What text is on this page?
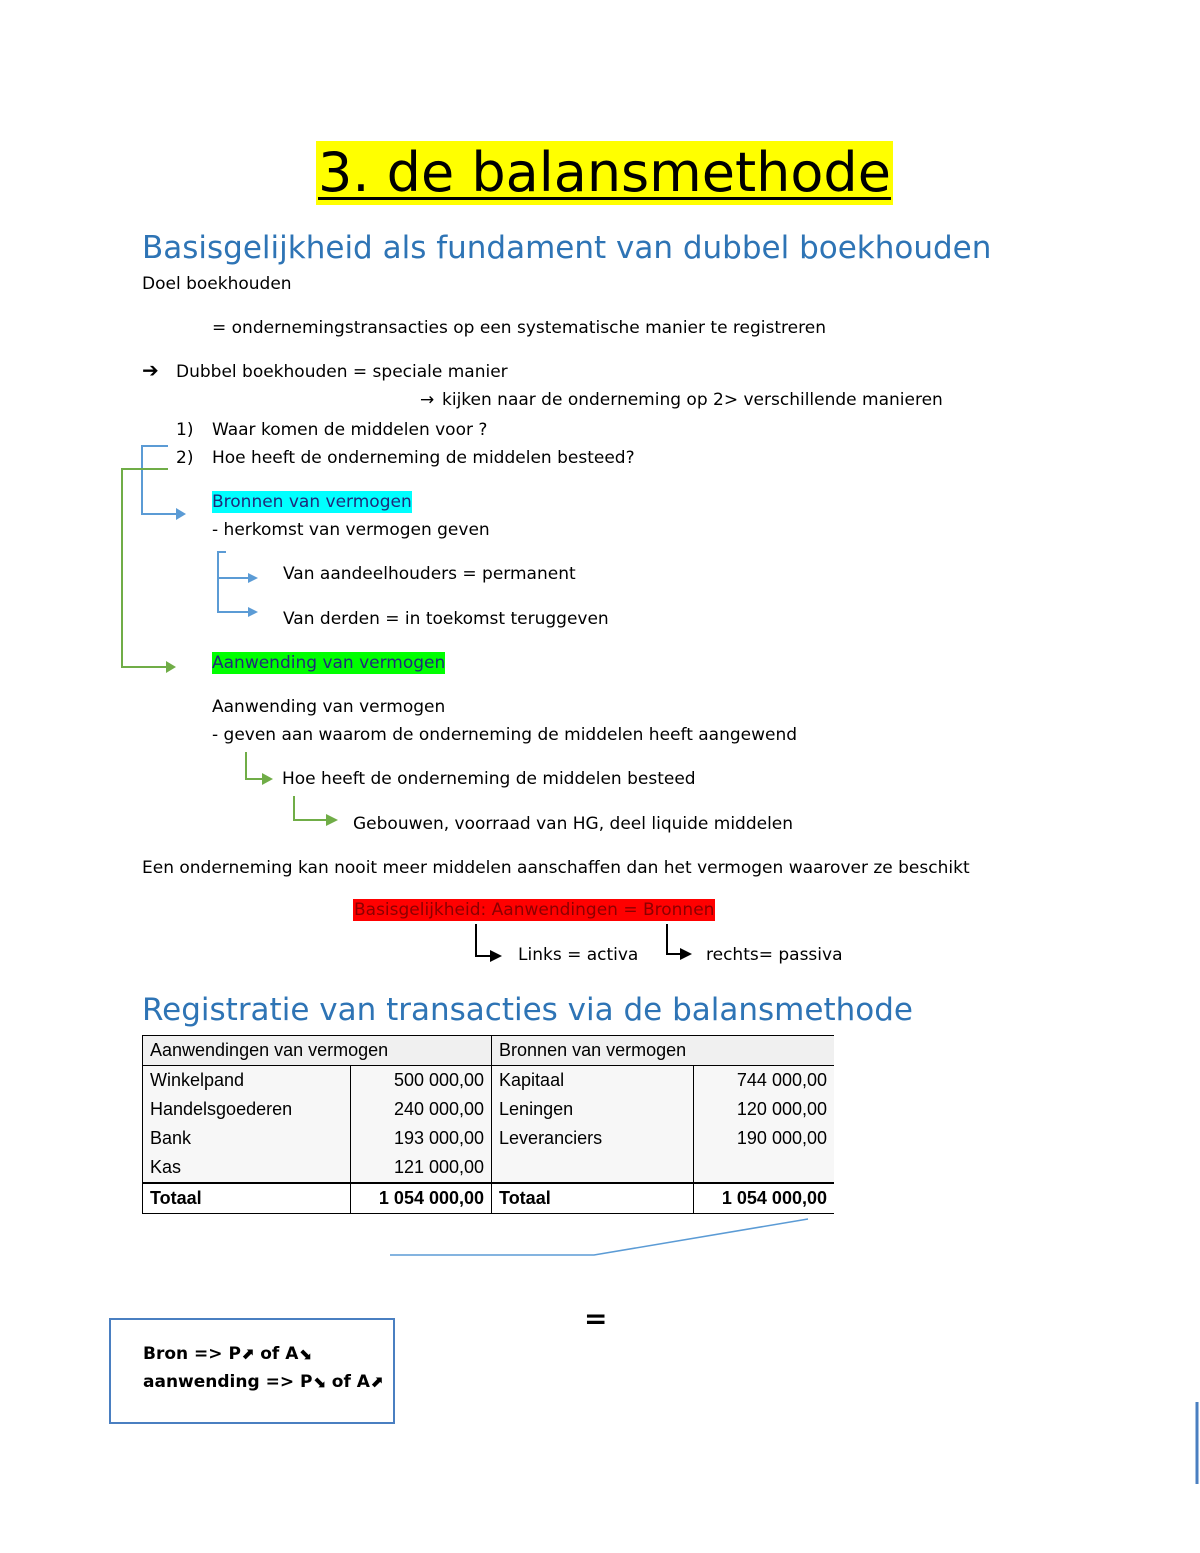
3. de balansmethode
Basisgelijkheid als fundament van dubbel boekhouden
Doel boekhouden
= ondernemingstransacties op een systematische manier te registreren
➔ Dubbel boekhouden = speciale manier
→ kijken naar de onderneming op 2> verschillende manieren
1) Waar komen de middelen voor ?
2) Hoe heeft de onderneming de middelen besteed?
Bronnen van vermogen
- herkomst van vermogen geven
Van aandeelhouders = permanent
Van derden = in toekomst teruggeven
Aanwending van vermogen
Aanwending van vermogen
- geven aan waarom de onderneming de middelen heeft aangewend
Hoe heeft de onderneming de middelen besteed
Gebouwen, voorraad van HG, deel liquide middelen
Een onderneming kan nooit meer middelen aanschaffen dan het vermogen waarover ze beschikt
Basisgelijkheid: Aanwendingen = Bronnen
Links = activa	rechts= passiva
Registratie van transacties via de balansmethode
Aanwendingen van vermogen		Bronnen van vermogen	
Winkelpand	500 000,00	Kapitaal	744 000,00
Handelsgoederen	240 000,00	Leningen	120 000,00
Bank	193 000,00	Leveranciers	190 000,00
Kas	121 000,00		
Totaal	1 054 000,00	Totaal	1 054 000,00
=
Bron => P⬈ of A⬊
aanwending => P⬊ of A⬈
